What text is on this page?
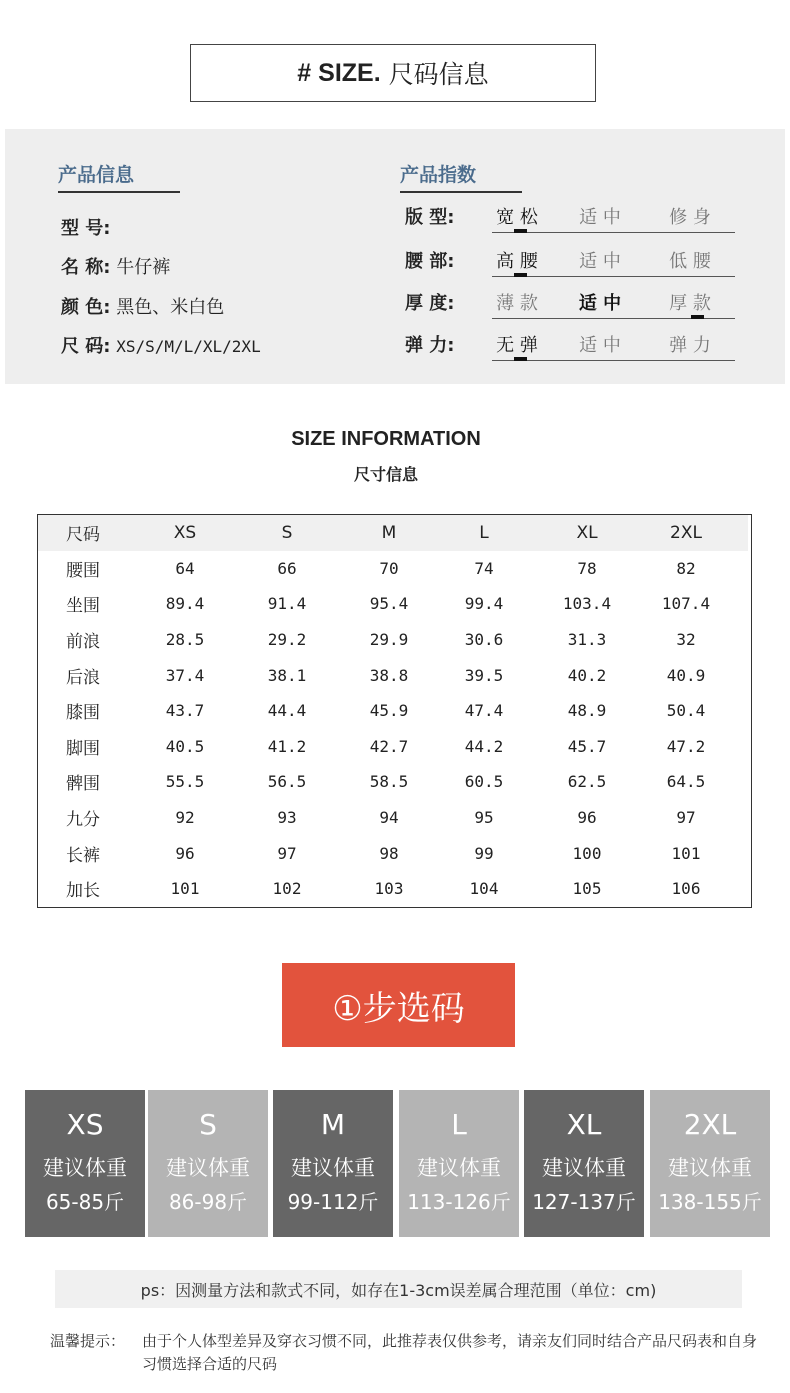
# SIZE. 尺码信息
产品信息	产品指数
型 号:
名 称: 牛仔裤
颜 色: 黑色、米白色
尺 码: XS/S/M/L/XL/2XL
版 型:	宽 松	适 中	修 身
腰 部:	高 腰	适 中	低 腰
厚 度:	薄 款	适 中	厚 款
弹 力:	无 弹	适 中	弹 力
SIZE INFORMATION
尺寸信息
尺码	XS	S	M	L	XL	2XL
腰围	64	66	70	74	78	82
坐围	89.4	91.4	95.4	99.4	103.4	107.4
前浪	28.5	29.2	29.9	30.6	31.3	32
后浪	37.4	38.1	38.8	39.5	40.2	40.9
膝围	43.7	44.4	45.9	47.4	48.9	50.4
脚围	40.5	41.2	42.7	44.2	45.7	47.2
髀围	55.5	56.5	58.5	60.5	62.5	64.5
九分	92	93	94	95	96	97
长裤	96	97	98	99	100	101
加长	101	102	103	104	105	106
①步选码
XS
建议体重
65-85斤
S
建议体重
86-98斤
M
建议体重
99-112斤
L
建议体重
113-126斤
XL
建议体重
127-137斤
2XL
建议体重
138-155斤
ps：因测量方法和款式不同，如存在1-3cm误差属合理范围（单位：cm)
温馨提示： 由于个人体型差异及穿衣习惯不同，此推荐表仅供参考，请亲友们同时结合产品尺码表和自身习惯选择合适的尺码
